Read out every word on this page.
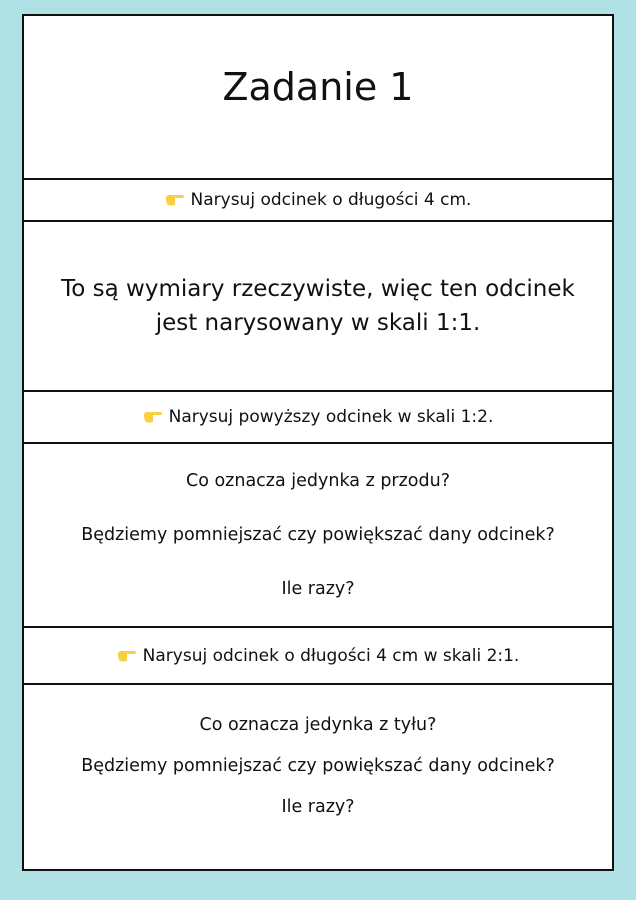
Zadanie 1
Narysuj odcinek o długości 4 cm.
To są wymiary rzeczywiste, więc ten odcinek
jest narysowany w skali 1:1.
Narysuj powyższy odcinek w skali 1:2.
Co oznacza jedynka z przodu?
Będziemy pomniejszać czy powiększać dany odcinek?
Ile razy?
Narysuj odcinek o długości 4 cm w skali 2:1.
Co oznacza jedynka z tyłu?
Będziemy pomniejszać czy powiększać dany odcinek?
Ile razy?
